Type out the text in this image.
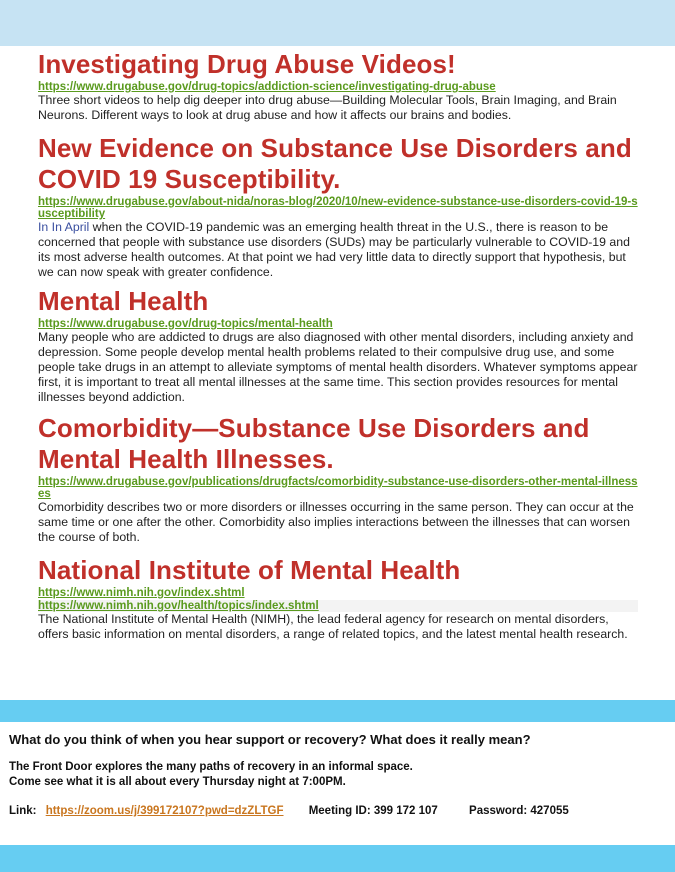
Investigating Drug Abuse Videos!
https://www.drugabuse.gov/drug-topics/addiction-science/investigating-drug-abuse

Three short videos to help dig deeper into drug abuse—Building Molecular Tools, Brain Imaging, and Brain Neurons. Different ways to look at drug abuse and how it affects our brains and bodies.

New Evidence on Substance Use Disorders and COVID 19 Susceptibility.
https://www.drugabuse.gov/about-nida/noras-blog/2020/10/new-evidence-substance-use-disorders-covid-19-susceptibility

In In April when the COVID-19 pandemic was an emerging health threat in the U.S., there is reason to be concerned that people with substance use disorders (SUDs) may be particularly vulnerable to COVID-19 and its most adverse health outcomes. At that point we had very little data to directly support that hypothesis, but we can now speak with greater confidence.

Mental Health
https://www.drugabuse.gov/drug-topics/mental-health

Many people who are addicted to drugs are also diagnosed with other mental disorders, including anxiety and depression. Some people develop mental health problems related to their compulsive drug use, and some people take drugs in an attempt to alleviate symptoms of mental health disorders. Whatever symptoms appear first, it is important to treat all mental illnesses at the same time. This section provides resources for mental illnesses beyond addiction.

Comorbidity—Substance Use Disorders and Mental Health Illnesses.
https://www.drugabuse.gov/publications/drugfacts/comorbidity-substance-use-disorders-other-mental-illnesses

Comorbidity describes two or more disorders or illnesses occurring in the same person. They can occur at the same time or one after the other. Comorbidity also implies interactions between the illnesses that can worsen the course of both.

National Institute of Mental Health
https://www.nimh.nih.gov/index.shtml
https://www.nimh.nih.gov/health/topics/index.shtml

The National Institute of Mental Health (NIMH), the lead federal agency for research on mental disorders, offers basic information on mental disorders, a range of related topics, and the latest mental health research.

What do you think of when you hear support or recovery? What does it really mean?
The Front Door explores the many paths of recovery in an informal space.
Come see what it is all about every Thursday night at 7:00PM.
Link: https://zoom.us/j/399172107?pwd=dzZLTGF Meeting ID: 399 172 107	Password: 427055
